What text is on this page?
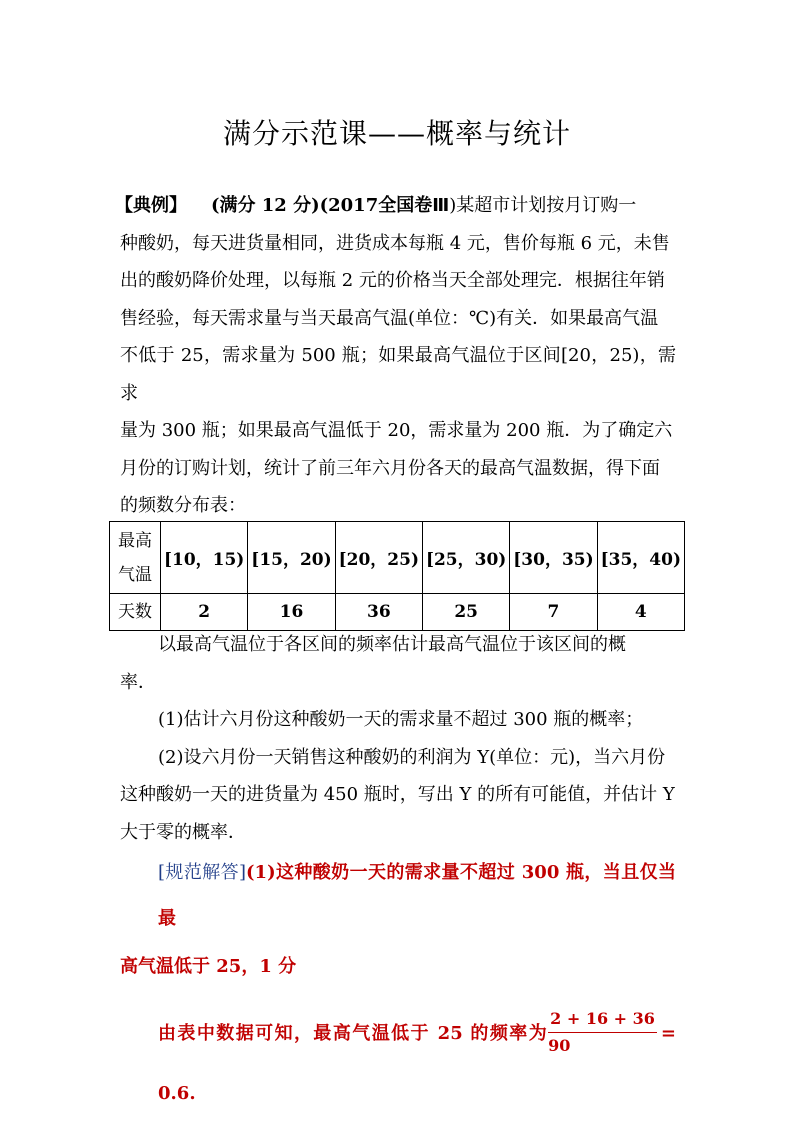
满分示范课——概率与统计
【典例】 (满分 12 分)(2017全国卷Ⅲ)某超市计划按月订购一
种酸奶，每天进货量相同，进货成本每瓶 4 元，售价每瓶 6 元，未售
出的酸奶降价处理，以每瓶 2 元的价格当天全部处理完．根据往年销
售经验，每天需求量与当天最高气温(单位：℃)有关．如果最高气温
不低于 25，需求量为 500 瓶；如果最高气温位于区间[20，25)，需求
量为 300 瓶；如果最高气温低于 20，需求量为 200 瓶．为了确定六
月份的订购计划，统计了前三年六月份各天的最高气温数据，得下面
的频数分布表：
最高
气温	[10，15)	[15，20)	[20，25)	[25，30)	[30，35)	[35，40)
天数	2	16	36	25	7	4
以最高气温位于各区间的频率估计最高气温位于该区间的概
率．
(1)估计六月份这种酸奶一天的需求量不超过 300 瓶的概率；
(2)设六月份一天销售这种酸奶的利润为 Y(单位：元)，当六月份
这种酸奶一天的进货量为 450 瓶时，写出 Y 的所有可能值，并估计 Y
大于零的概率．
[规范解答](1)这种酸奶一天的需求量不超过 300 瓶，当且仅当最
高气温低于 25，1 分
由表中数据可知，最高气温低于 25 的频率为 $\frac{2 + 16 + 36}{90} = 0.6$.
